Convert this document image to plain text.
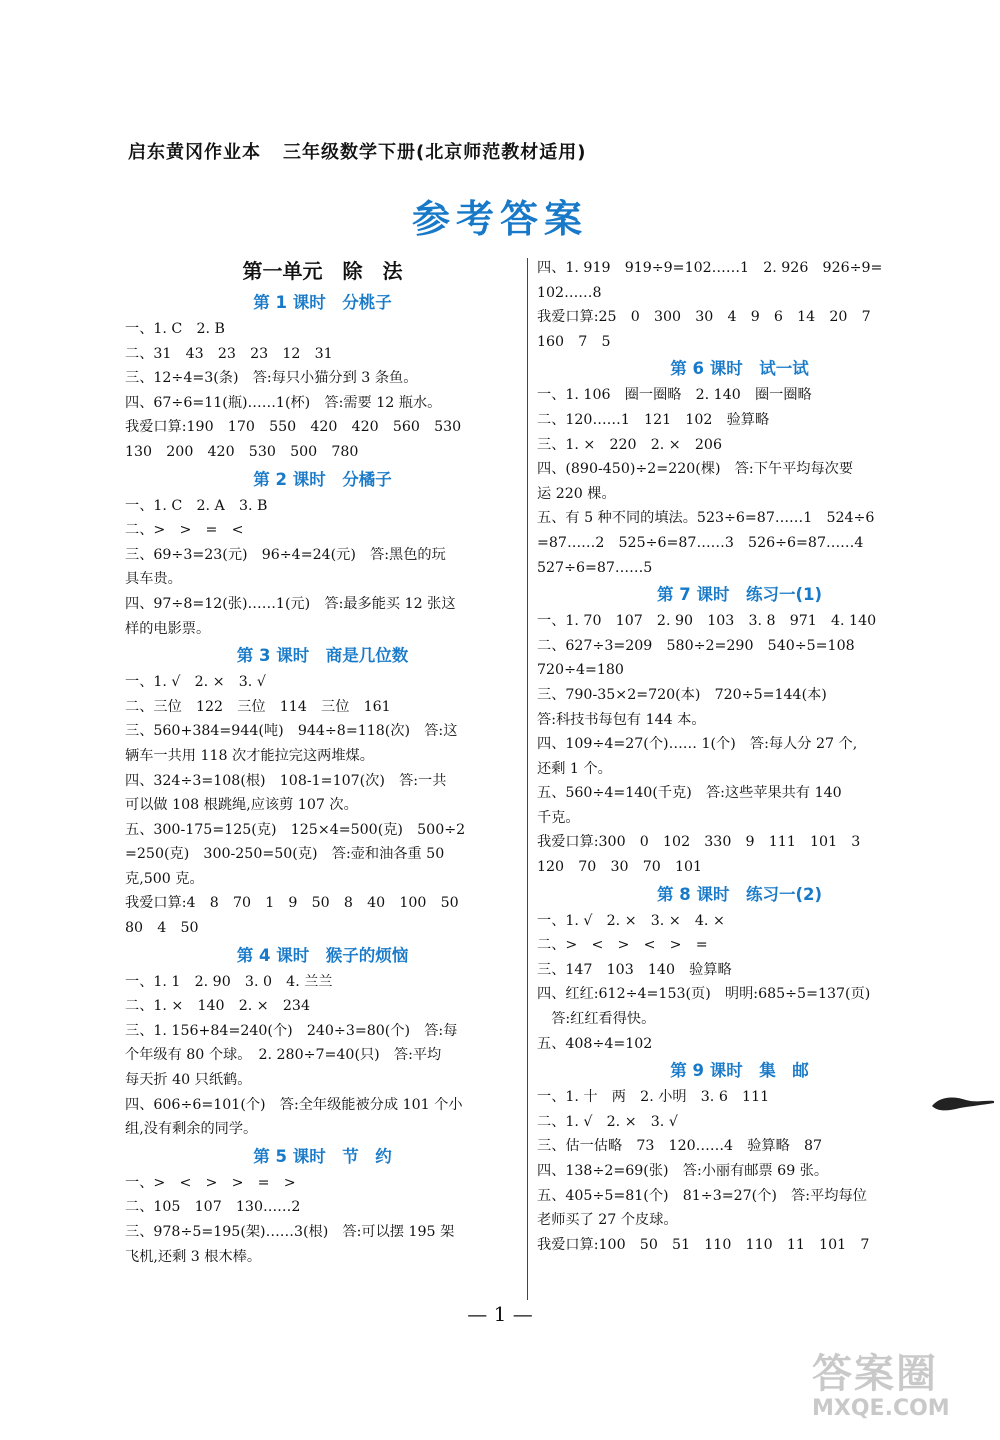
启东黄冈作业本 三年级数学下册(北京师范教材适用)
参考答案
第一单元　除　法
第 1 课时　分桃子
一、1. C　2. B
二、31　43　23　23　12　31
三、12÷4=3(条)　答:每只小猫分到 3 条鱼。
四、67÷6=11(瓶)……1(杯)　答:需要 12 瓶水。
我爱口算:190　170　550　420　420　560　530
130　200　420　530　500　780
第 2 课时　分橘子
一、1. C　2. A　3. B
二、>　>　=　<
三、69÷3=23(元)　96÷4=24(元)　答:黑色的玩
具车贵。
四、97÷8=12(张)……1(元)　答:最多能买 12 张这
样的电影票。
第 3 课时　商是几位数
一、1. √　2. ×　3. √
二、三位　122　三位　114　三位　161
三、560+384=944(吨)　944÷8=118(次)　答:这
辆车一共用 118 次才能拉完这两堆煤。
四、324÷3=108(根)　108-1=107(次)　答:一共
可以做 108 根跳绳,应该剪 107 次。
五、300-175=125(克)　125×4=500(克)　500÷2
=250(克)　300-250=50(克)　答:壶和油各重 50
克,500 克。
我爱口算:4　8　70　1　9　50　8　40　100　50
80　4　50
第 4 课时　猴子的烦恼
一、1. 1　2. 90　3. 0　4. 兰兰
二、1. ×　140　2. ×　234
三、1. 156+84=240(个)　240÷3=80(个)　答:每
个年级有 80 个球。　2. 280÷7=40(只)　答:平均
每天折 40 只纸鹤。
四、606÷6=101(个)　答:全年级能被分成 101 个小
组,没有剩余的同学。
第 5 课时　节　约
一、>　<　>　>　=　>
二、105　107　130……2
三、978÷5=195(架)……3(根)　答:可以摆 195 架
飞机,还剩 3 根木棒。
四、1. 919　919÷9=102……1　2. 926　926÷9=
102……8
我爱口算:25　0　300　30　4　9　6　14　20　7
160　7　5
第 6 课时　试一试
一、1. 106　圈一圈略　2. 140　圈一圈略
二、120……1　121　102　验算略
三、1. ×　220　2. ×　206
四、(890-450)÷2=220(棵)　答:下午平均每次要
运 220 棵。
五、有 5 种不同的填法。523÷6=87……1　524÷6
=87……2　525÷6=87……3　526÷6=87……4
527÷6=87……5
第 7 课时　练习一(1)
一、1. 70　107　2. 90　103　3. 8　971　4. 140
二、627÷3=209　580÷2=290　540÷5=108
720÷4=180
三、790-35×2=720(本)　720÷5=144(本)
答:科技书每包有 144 本。
四、109÷4=27(个)…… 1(个)　答:每人分 27 个,
还剩 1 个。
五、560÷4=140(千克)　答:这些苹果共有 140
千克。
我爱口算:300　0　102　330　9　111　101　3
120　70　30　70　101
第 8 课时　练习一(2)
一、1. √　2. ×　3. ×　4. ×
二、>　<　>　<　>　=
三、147　103　140　验算略
四、红红:612÷4=153(页)　明明:685÷5=137(页)
　答:红红看得快。
五、408÷4=102
第 9 课时　集　邮
一、1. 十　两　2. 小明　3. 6　111
二、1. √　2. ×　3. √
三、估一估略　73　120……4　验算略　87
四、138÷2=69(张)　答:小丽有邮票 69 张。
五、405÷5=81(个)　81÷3=27(个)　答:平均每位
老师买了 27 个皮球。
我爱口算:100　50　51　110　110　11　101　7
— 1 —
答案圈
MXQE.COM
